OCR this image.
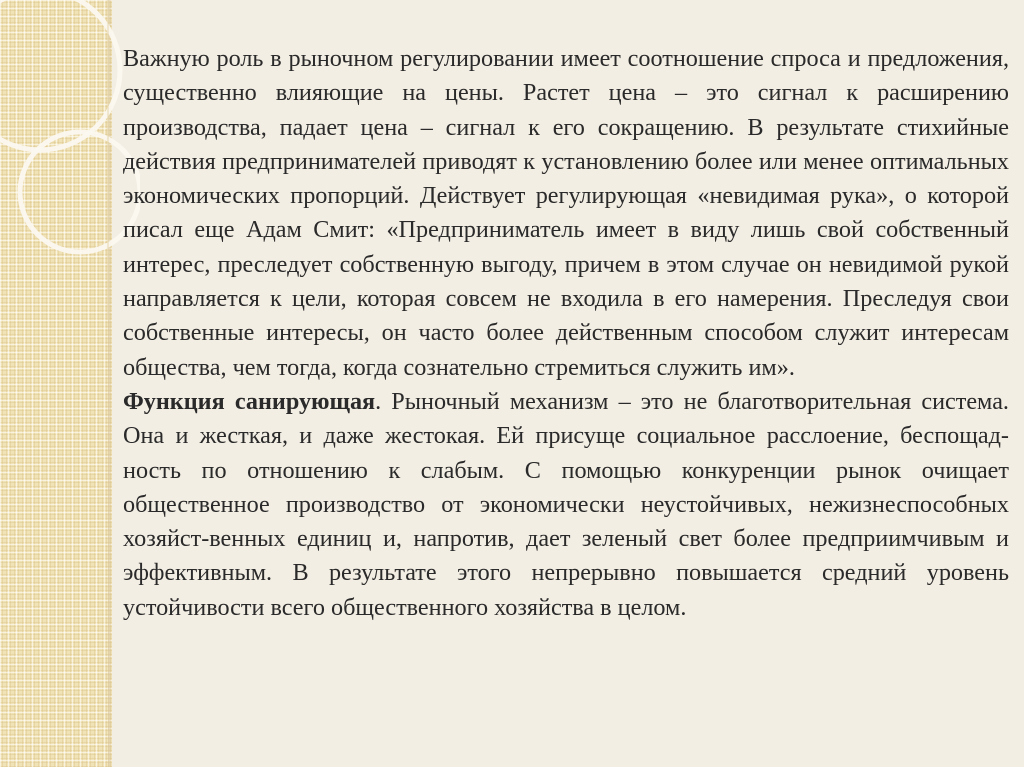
Важную роль в рыночном регулировании имеет соотношение спроса и предложения, существенно влияющие на цены. Растет цена – это сигнал к расширению производства, падает цена – сигнал к его сокращению. В результате стихийные действия предпринимателей приводят к установлению более или менее оптимальных экономических пропорций. Действует регулирующая «невидимая рука», о которой писал еще Адам Смит: «Предприниматель имеет в виду лишь свой собственный интерес, преследует собственную выгоду, причем в этом случае он невидимой рукой направляется к цели, которая совсем не входила в его намерения. Преследуя свои собственные интересы, он часто более действенным способом служит интересам общества, чем тогда, когда сознательно стремиться служить им».

Функция санирующая. Рыночный механизм – это не благотворительная система. Она и жесткая, и даже жестокая. Ей присуще социальное расслоение, беспощад-ность по отношению к слабым. С помощью конкуренции рынок очищает общественное производство от экономически неустойчивых, нежизнеспособных хозяйст-венных единиц и, напротив, дает зеленый свет более предприимчивым и эффективным. В результате этого непрерывно повышается средний уровень устойчивости всего общественного хозяйства в целом.
